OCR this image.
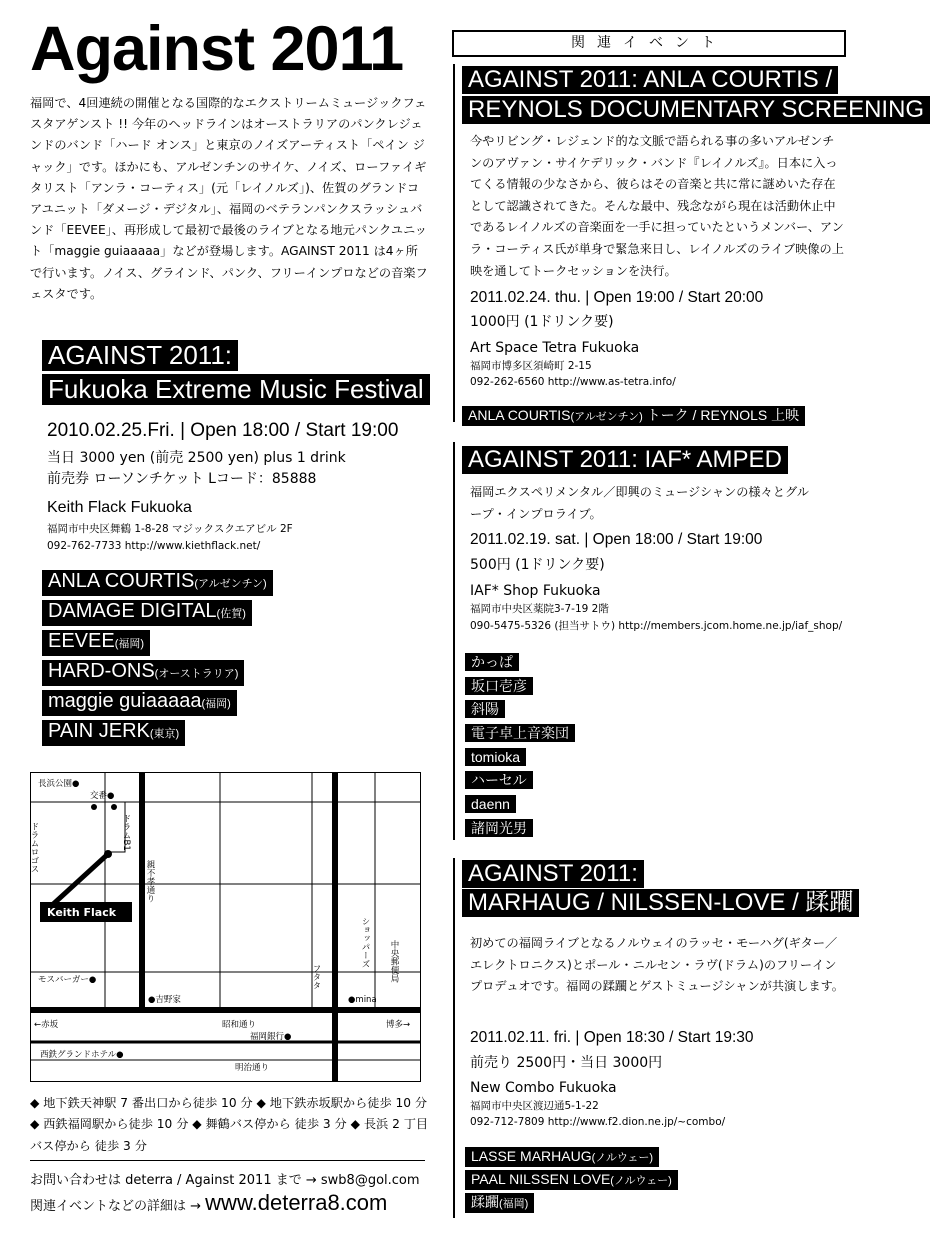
Against 2011
福岡で、4回連続の開催となる国際的なエクストリームミュージックフェスタアゲンスト !! 今年のヘッドラインはオーストラリアのパンクレジェンドのバンド「ハード オンス」と東京のノイズアーティスト「ペイン ジャック」です。ほかにも、アルゼンチンのサイケ、ノイズ、ローファイギタリスト「アンラ・コーティス」(元「レイノルズ」)、佐賀のグランドコアユニット「ダメージ・デジタル」、福岡のベテランパンクスラッシュバンド「EEVEE」、再形成して最初で最後のライブとなる地元パンクユニット「maggie guiaaaaa」などが登場します。AGAINST 2011 は4ヶ所で行います。ノイス、グラインド、パンク、フリーインプロなどの音楽フェスタです。
AGAINST 2011:
Fukuoka Extreme Music Festival
2010.02.25.Fri. | Open 18:00 / Start 19:00
当日 3000 yen (前売 2500 yen) plus 1 drink
前売券 ローソンチケット Lコード：85888
Keith Flack Fukuoka
福岡市中央区舞鶴 1-8-28 マジックスクエアビル 2F
092-762-7733 http://www.kiethflack.net/
ANLA COURTIS(アルゼンチン)
DAMAGE DIGITAL(佐賀)
EEVEE(福岡)
HARD-ONS(オーストラリア)
maggie guiaaaaa(福岡)
PAIN JERK(東京)
Keith Flack
長浜公園●
交番●
モスバーガー●
●吉野家	●mina
←赤坂	昭和通り	博多→
福岡銀行●
西鉄グランドホテル●
明治通り
ドラムロゴス	ドラムB1
親不孝通り
フタタ
ショッパーズ 中央郵便局
◆ 地下鉄天神駅 7 番出口から徒歩 10 分 ◆ 地下鉄赤坂駅から徒歩 10 分 ◆ 西鉄福岡駅から徒歩 10 分 ◆ 舞鶴バス停から 徒歩 3 分 ◆ 長浜 2 丁目バス停から 徒歩 3 分
お問い合わせは deterra / Against 2011 まで → swb8@gol.com
関連イベントなどの詳細は → www.deterra8.com
関連イベント
AGAINST 2011: ANLA COURTIS /
REYNOLS DOCUMENTARY SCREENING
今やリビング・レジェンド的な文脈で語られる事の多いアルゼンチンのアヴァン・サイケデリック・バンド『レイノルズ』。日本に入ってくる情報の少なさから、彼らはその音楽と共に常に謎めいた存在として認識されてきた。そんな最中、残念ながら現在は活動休止中であるレイノルズの音楽面を一手に担っていたというメンバー、アンラ・コーティス氏が単身で緊急来日し、レイノルズのライブ映像の上映を通してトークセッションを決行。
2011.02.24. thu. | Open 19:00 / Start 20:00
1000円 (1ドリンク要)
Art Space Tetra Fukuoka
福岡市博多区須崎町 2-15
092-262-6560 http://www.as-tetra.info/
ANLA COURTIS(アルゼンチン) トーク / REYNOLS 上映
AGAINST 2011: IAF* AMPED
福岡エクスペリメンタル／即興のミュージシャンの様々とグループ・インプロライブ。
2011.02.19. sat. | Open 18:00 / Start 19:00
500円 (1ドリンク要)
IAF* Shop Fukuoka
福岡市中央区薬院3-7-19 2階
090-5475-5326 (担当サトウ) http://members.jcom.home.ne.jp/iaf_shop/
かっぱ
坂口壱彦
斜陽
電子卓上音楽団
tomioka
ハーセル
daenn
諸岡光男
AGAINST 2011:
MARHAUG / NILSSEN-LOVE / 蹂躙
初めての福岡ライブとなるノルウェイのラッセ・モーハグ(ギター／エレクトロニクス)とポール・ニルセン・ラヴ(ドラム)のフリーインプロデュオです。福岡の蹂躙とゲストミュージシャンが共演します。
2011.02.11. fri. | Open 18:30 / Start 19:30
前売り 2500円・当日 3000円
New Combo Fukuoka
福岡市中央区渡辺通5-1-22
092-712-7809 http://www.f2.dion.ne.jp/~combo/
LASSE MARHAUG(ノルウェー)
PAAL NILSSEN LOVE(ノルウェー)
蹂躙(福岡)
